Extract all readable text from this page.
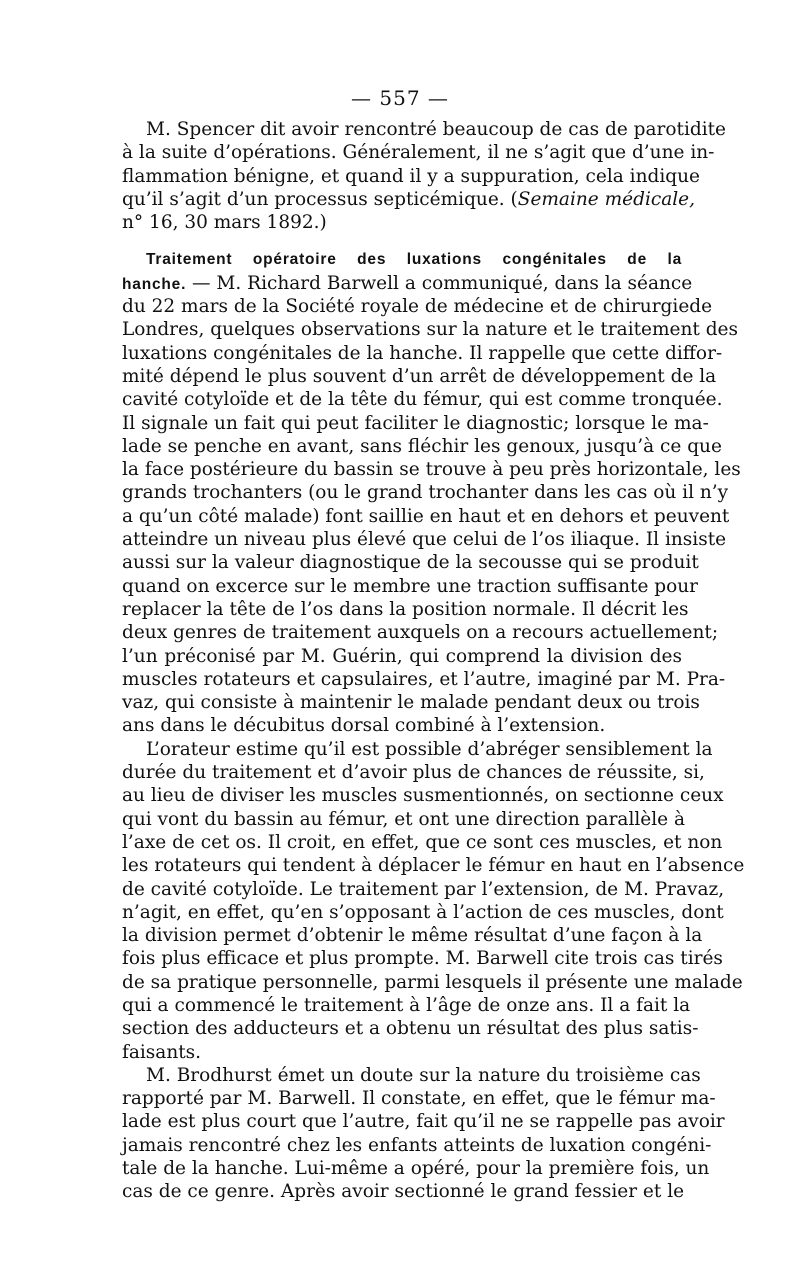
— 557 —
M. Spencer dit avoir rencontré beaucoup de cas de parotidite
à la suite d’opérations. Généralement, il ne s’agit que d’une in-
flammation bénigne, et quand il y a suppuration, cela indique
qu’il s’agit d’un processus septicémique. (Semaine médicale,
n° 16, 30 mars 1892.)
Traitement opératoire des luxations congénitales de la
hanche. — M. Richard Barwell a communiqué, dans la séance
du 22 mars de la Société royale de médecine et de chirurgiede
Londres, quelques observations sur la nature et le traitement des
luxations congénitales de la hanche. Il rappelle que cette diffor-
mité dépend le plus souvent d’un arrêt de développement de la
cavité cotyloïde et de la tête du fémur, qui est comme tronquée.
Il signale un fait qui peut faciliter le diagnostic; lorsque le ma-
lade se penche en avant, sans fléchir les genoux, jusqu’à ce que
la face postérieure du bassin se trouve à peu près horizontale, les
grands trochanters (ou le grand trochanter dans les cas où il n’y
a qu’un côté malade) font saillie en haut et en dehors et peuvent
atteindre un niveau plus élevé que celui de l’os iliaque. Il insiste
aussi sur la valeur diagnostique de la secousse qui se produit
quand on excerce sur le membre une traction suffisante pour
replacer la tête de l’os dans la position normale. Il décrit les
deux genres de traitement auxquels on a recours actuellement;
l’un préconisé par M. Guérin, qui comprend la division des
muscles rotateurs et capsulaires, et l’autre, imaginé par M. Pra-
vaz, qui consiste à maintenir le malade pendant deux ou trois
ans dans le décubitus dorsal combiné à l’extension.
L’orateur estime qu’il est possible d’abréger sensiblement la
durée du traitement et d’avoir plus de chances de réussite, si,
au lieu de diviser les muscles susmentionnés, on sectionne ceux
qui vont du bassin au fémur, et ont une direction parallèle à
l’axe de cet os. Il croit, en effet, que ce sont ces muscles, et non
les rotateurs qui tendent à déplacer le fémur en haut en l’absence
de cavité cotyloïde. Le traitement par l’extension, de M. Pravaz,
n’agit, en effet, qu’en s’opposant à l’action de ces muscles, dont
la division permet d’obtenir le même résultat d’une façon à la
fois plus efficace et plus prompte. M. Barwell cite trois cas tirés
de sa pratique personnelle, parmi lesquels il présente une malade
qui a commencé le traitement à l’âge de onze ans. Il a fait la
section des adducteurs et a obtenu un résultat des plus satis-
faisants.
M. Brodhurst émet un doute sur la nature du troisième cas
rapporté par M. Barwell. Il constate, en effet, que le fémur ma-
lade est plus court que l’autre, fait qu’il ne se rappelle pas avoir
jamais rencontré chez les enfants atteints de luxation congéni-
tale de la hanche. Lui-même a opéré, pour la première fois, un
cas de ce genre. Après avoir sectionné le grand fessier et le
